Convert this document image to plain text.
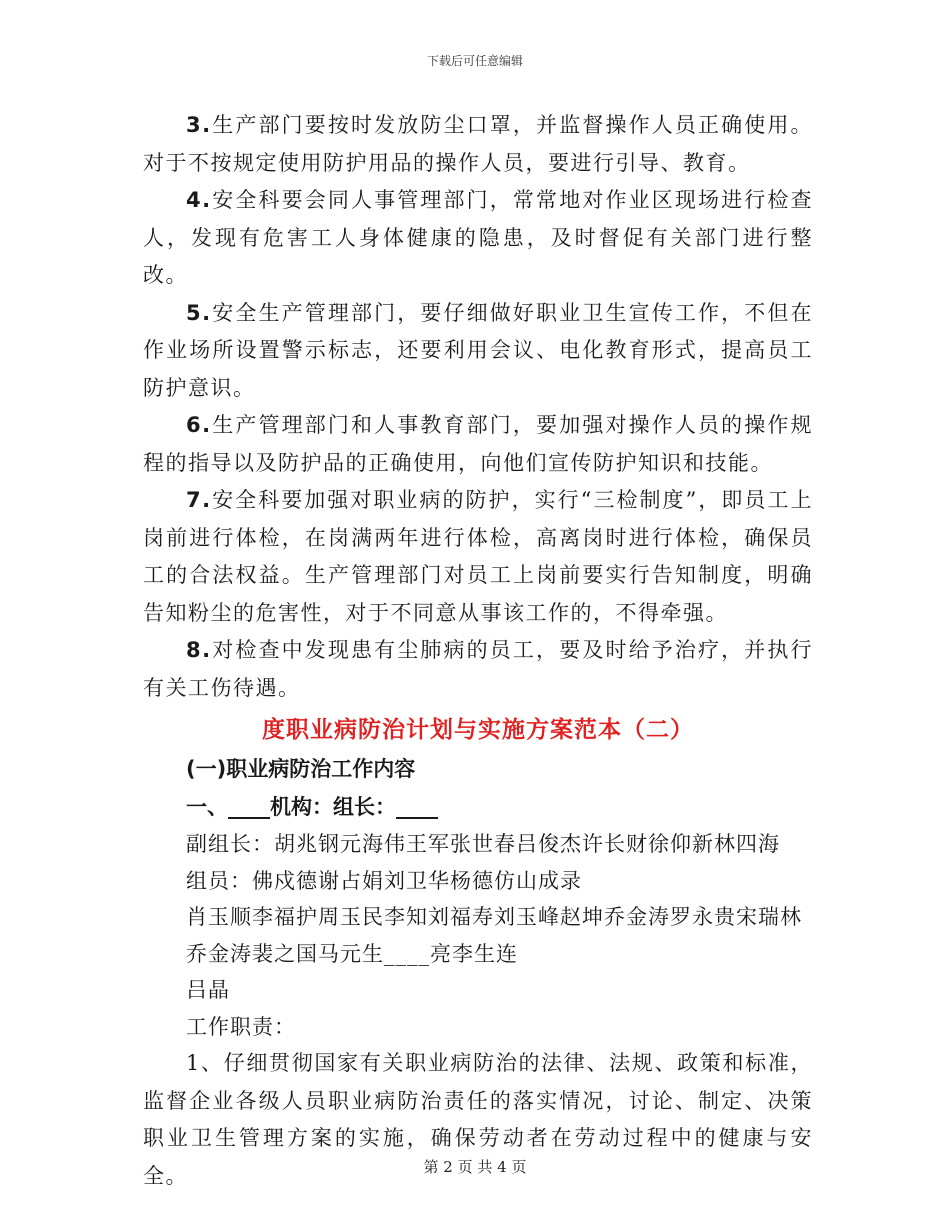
下载后可任意编辑

3.生产部门要按时发放防尘口罩，并监督操作人员正确使用。对于不按规定使用防护用品的操作人员，要进行引导、教育。

4.安全科要会同人事管理部门，常常地对作业区现场进行检查人，发现有危害工人身体健康的隐患，及时督促有关部门进行整改。

5.安全生产管理部门，要仔细做好职业卫生宣传工作，不但在作业场所设置警示标志，还要利用会议、电化教育形式，提高员工防护意识。

6.生产管理部门和人事教育部门，要加强对操作人员的操作规程的指导以及防护品的正确使用，向他们宣传防护知识和技能。

7.安全科要加强对职业病的防护，实行“三检制度”，即员工上岗前进行体检，在岗满两年进行体检，高离岗时进行体检，确保员工的合法权益。生产管理部门对员工上岗前要实行告知制度，明确告知粉尘的危害性，对于不同意从事该工作的，不得牵强。

8.对检查中发现患有尘肺病的员工，要及时给予治疗，并执行有关工伤待遇。

度职业病防治计划与实施方案范本（二）

(一)职业病防治工作内容

一、____机构：组长：____

副组长：胡兆钢元海伟王军张世春吕俊杰许长财徐仰新林四海

组员：佛戍德谢占娟刘卫华杨德仿山成录

肖玉顺李福护周玉民李知刘福寿刘玉峰赵坤乔金涛罗永贵宋瑞林

乔金涛裴之国马元生____亮李生连

吕晶

工作职责：

1、仔细贯彻国家有关职业病防治的法律、法规、政策和标准，监督企业各级人员职业病防治责任的落实情况，讨论、制定、决策职业卫生管理方案的实施，确保劳动者在劳动过程中的健康与安全。	第 2 页 共 4 页
